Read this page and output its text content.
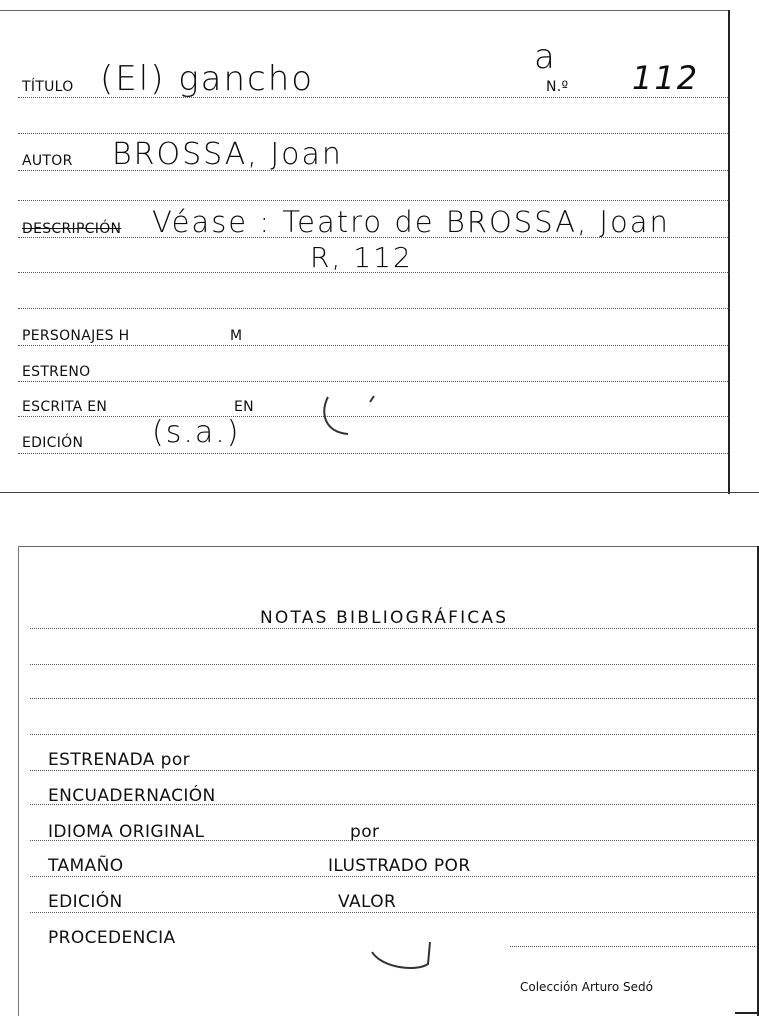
TÍTULO (El) gancho
a
N.º 112
AUTOR BROSSA, Joan
DESCRIPCIÓN Véase : Teatro de BROSSA, Joan
R, 112
PERSONAJES H	M
ESTRENO
ESCRITA EN	EN
EDICIÓN (s.a.)
NOTAS BIBLIOGRÁFICAS
ESTRENADA por
ENCUADERNACIÓN
IDIOMA ORIGINAL	por
TAMAÑO	ILUSTRADO POR
EDICIÓN	VALOR
PROCEDENCIA
Colección Arturo Sedó
